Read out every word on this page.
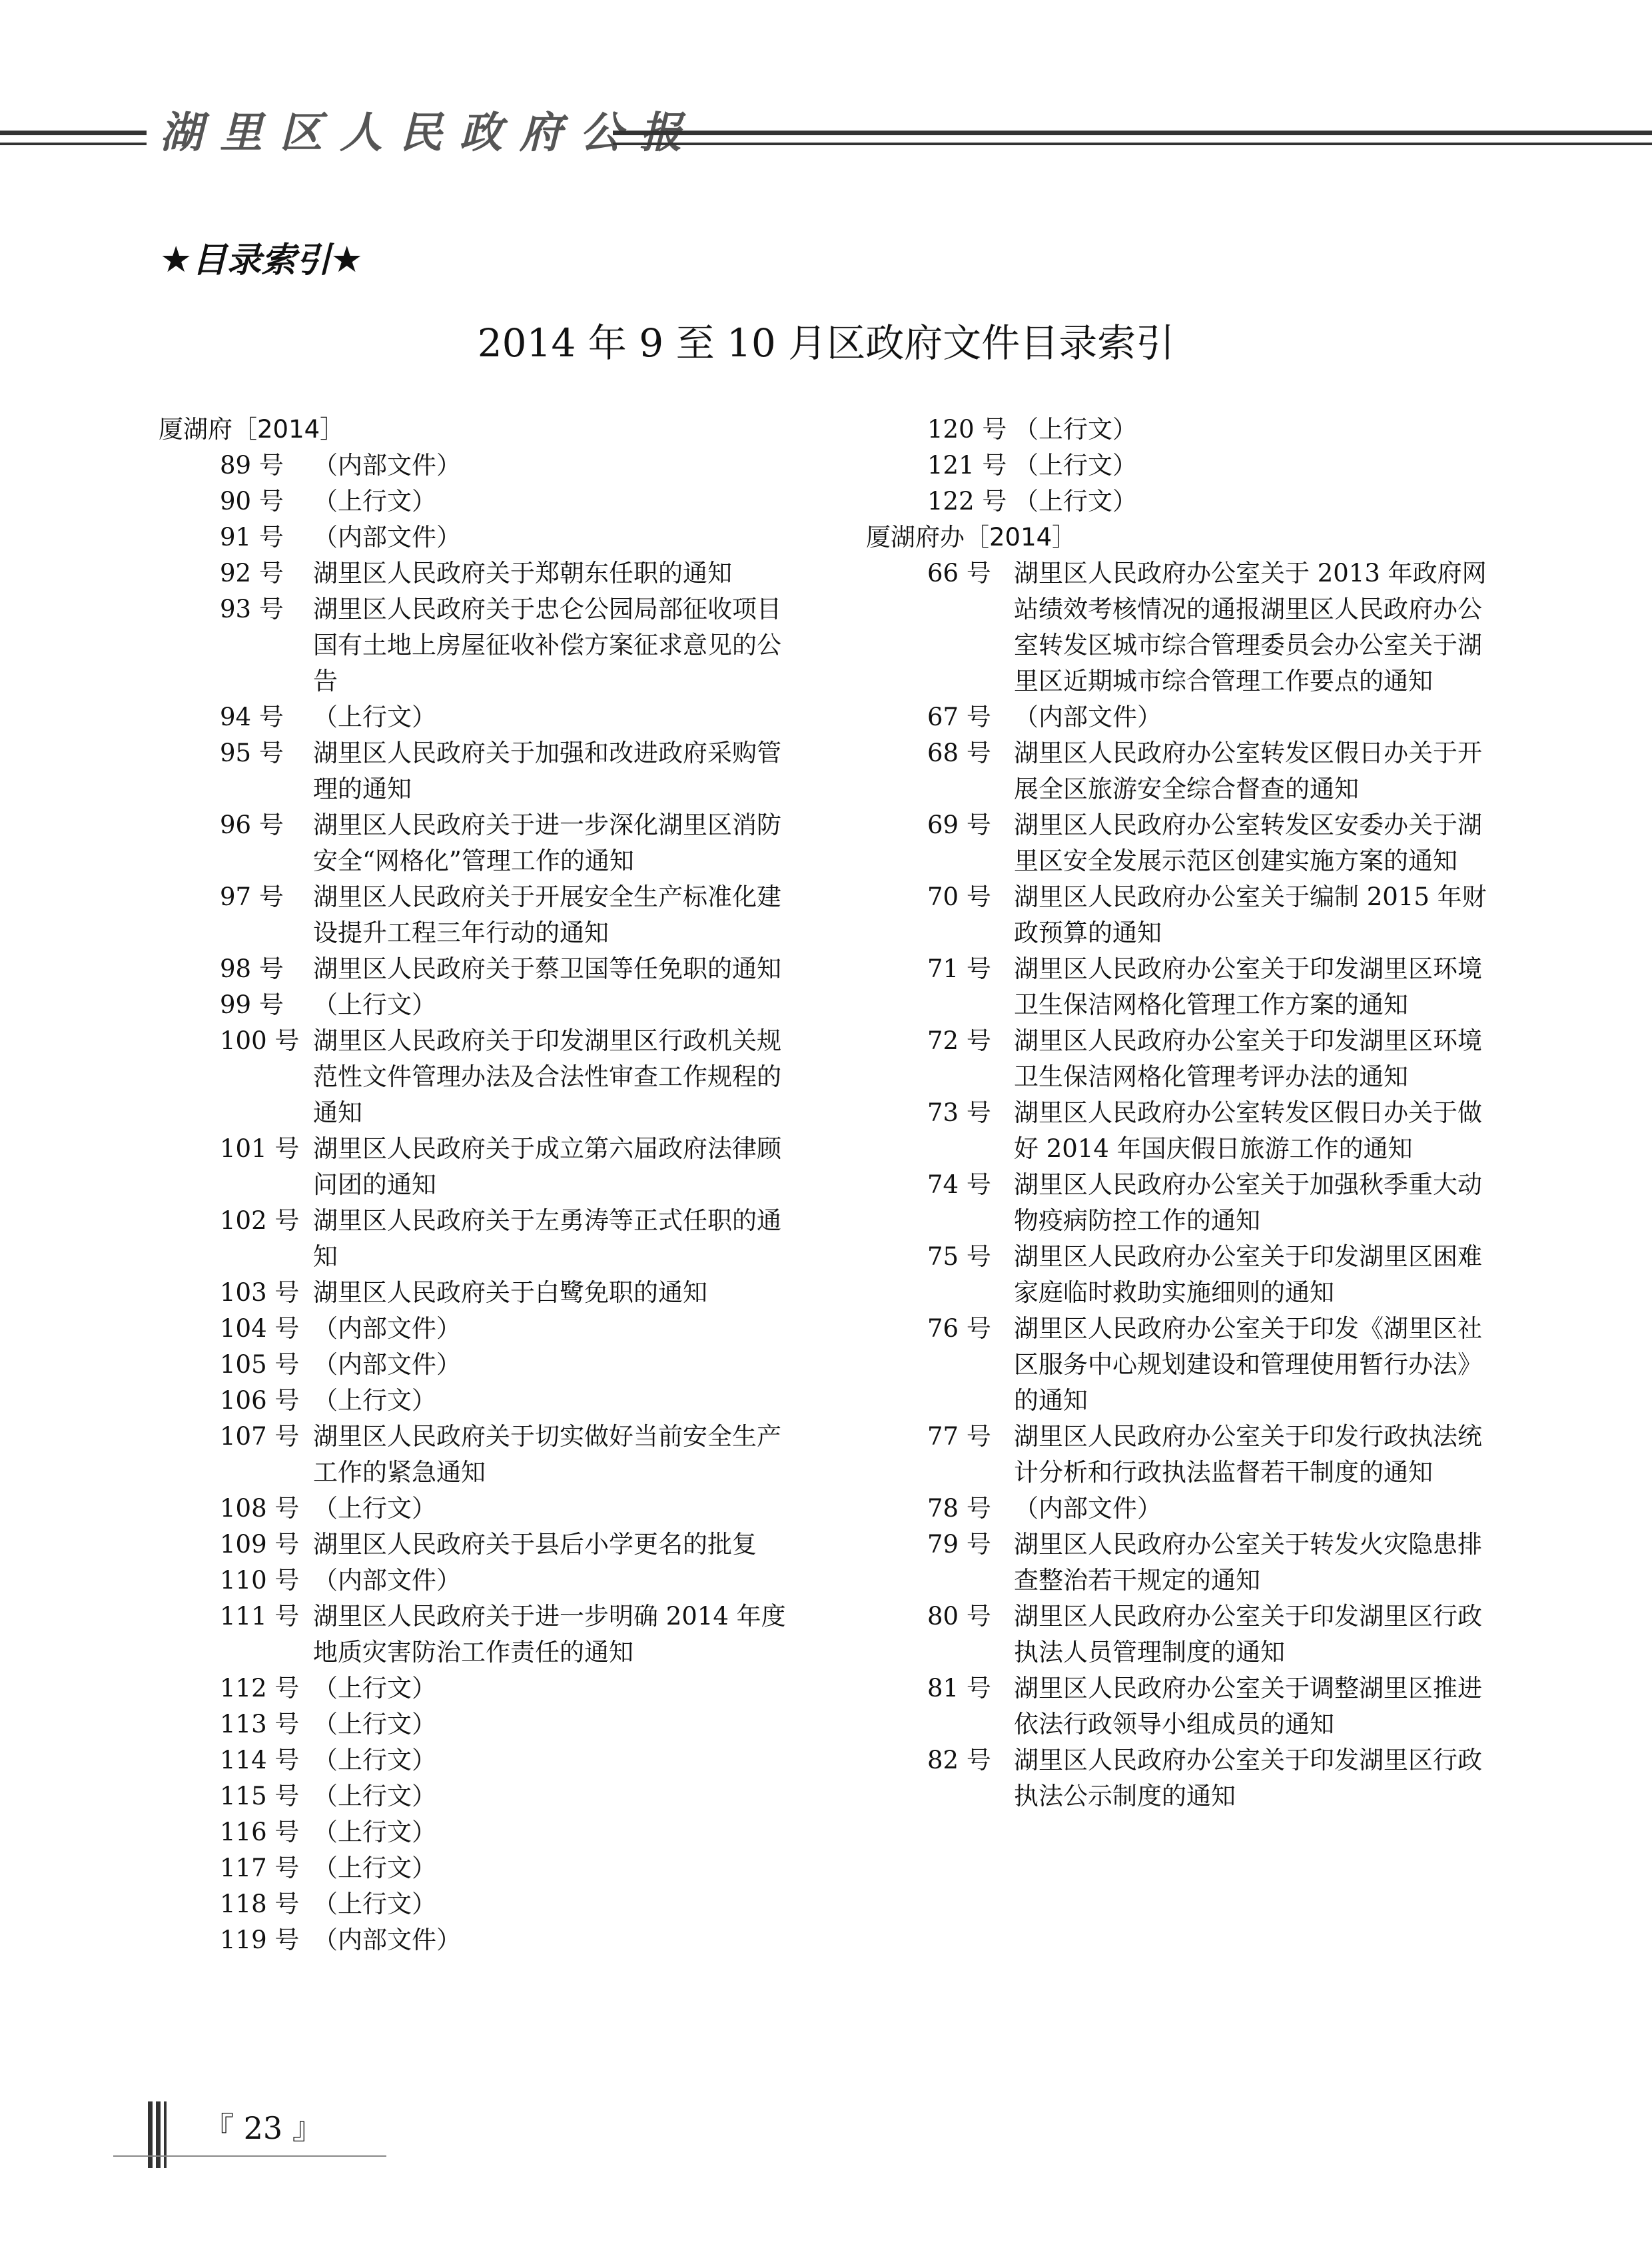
湖里区人民政府公报
★目录索引★
2014 年 9 至 10 月区政府文件目录索引
厦湖府［2014］
89 号	（内部文件）
90 号	（上行文）
91 号	（内部文件）
92 号	湖里区人民政府关于郑朝东任职的通知
93 号	湖里区人民政府关于忠仑公园局部征收项目国有土地上房屋征收补偿方案征求意见的公告
94 号	（上行文）
95 号	湖里区人民政府关于加强和改进政府采购管理的通知
96 号	湖里区人民政府关于进一步深化湖里区消防安全“网格化”管理工作的通知
97 号	湖里区人民政府关于开展安全生产标准化建设提升工程三年行动的通知
98 号	湖里区人民政府关于蔡卫国等任免职的通知
99 号	（上行文）
100 号 湖里区人民政府关于印发湖里区行政机关规范性文件管理办法及合法性审查工作规程的通知
101 号 湖里区人民政府关于成立第六届政府法律顾问团的通知
102 号 湖里区人民政府关于左勇涛等正式任职的通知
103 号 湖里区人民政府关于白鹭免职的通知
104 号 （内部文件）
105 号 （内部文件）
106 号 （上行文）
107 号 湖里区人民政府关于切实做好当前安全生产工作的紧急通知
108 号 （上行文）
109 号 湖里区人民政府关于县后小学更名的批复
110 号 （内部文件）
111 号 湖里区人民政府关于进一步明确 2014 年度地质灾害防治工作责任的通知
112 号 （上行文）
113 号 （上行文）
114 号 （上行文）
115 号 （上行文）
116 号 （上行文）
117 号 （上行文）
118 号 （上行文）
119 号 （内部文件）
120 号 （上行文）
121 号 （上行文）
122 号 （上行文）
厦湖府办［2014］
66 号 湖里区人民政府办公室关于 2013 年政府网站绩效考核情况的通报湖里区人民政府办公室转发区城市综合管理委员会办公室关于湖里区近期城市综合管理工作要点的通知
67 号 （内部文件）
68 号 湖里区人民政府办公室转发区假日办关于开展全区旅游安全综合督查的通知
69 号 湖里区人民政府办公室转发区安委办关于湖里区安全发展示范区创建实施方案的通知
70 号 湖里区人民政府办公室关于编制 2015 年财政预算的通知
71 号 湖里区人民政府办公室关于印发湖里区环境卫生保洁网格化管理工作方案的通知
72 号 湖里区人民政府办公室关于印发湖里区环境卫生保洁网格化管理考评办法的通知
73 号 湖里区人民政府办公室转发区假日办关于做好 2014 年国庆假日旅游工作的通知
74 号 湖里区人民政府办公室关于加强秋季重大动物疫病防控工作的通知
75 号 湖里区人民政府办公室关于印发湖里区困难家庭临时救助实施细则的通知
76 号 湖里区人民政府办公室关于印发《湖里区社区服务中心规划建设和管理使用暂行办法》的通知
77 号 湖里区人民政府办公室关于印发行政执法统计分析和行政执法监督若干制度的通知
78 号 （内部文件）
79 号 湖里区人民政府办公室关于转发火灾隐患排查整治若干规定的通知
80 号 湖里区人民政府办公室关于印发湖里区行政执法人员管理制度的通知
81 号 湖里区人民政府办公室关于调整湖里区推进依法行政领导小组成员的通知
82 号 湖里区人民政府办公室关于印发湖里区行政执法公示制度的通知
『 23 』
